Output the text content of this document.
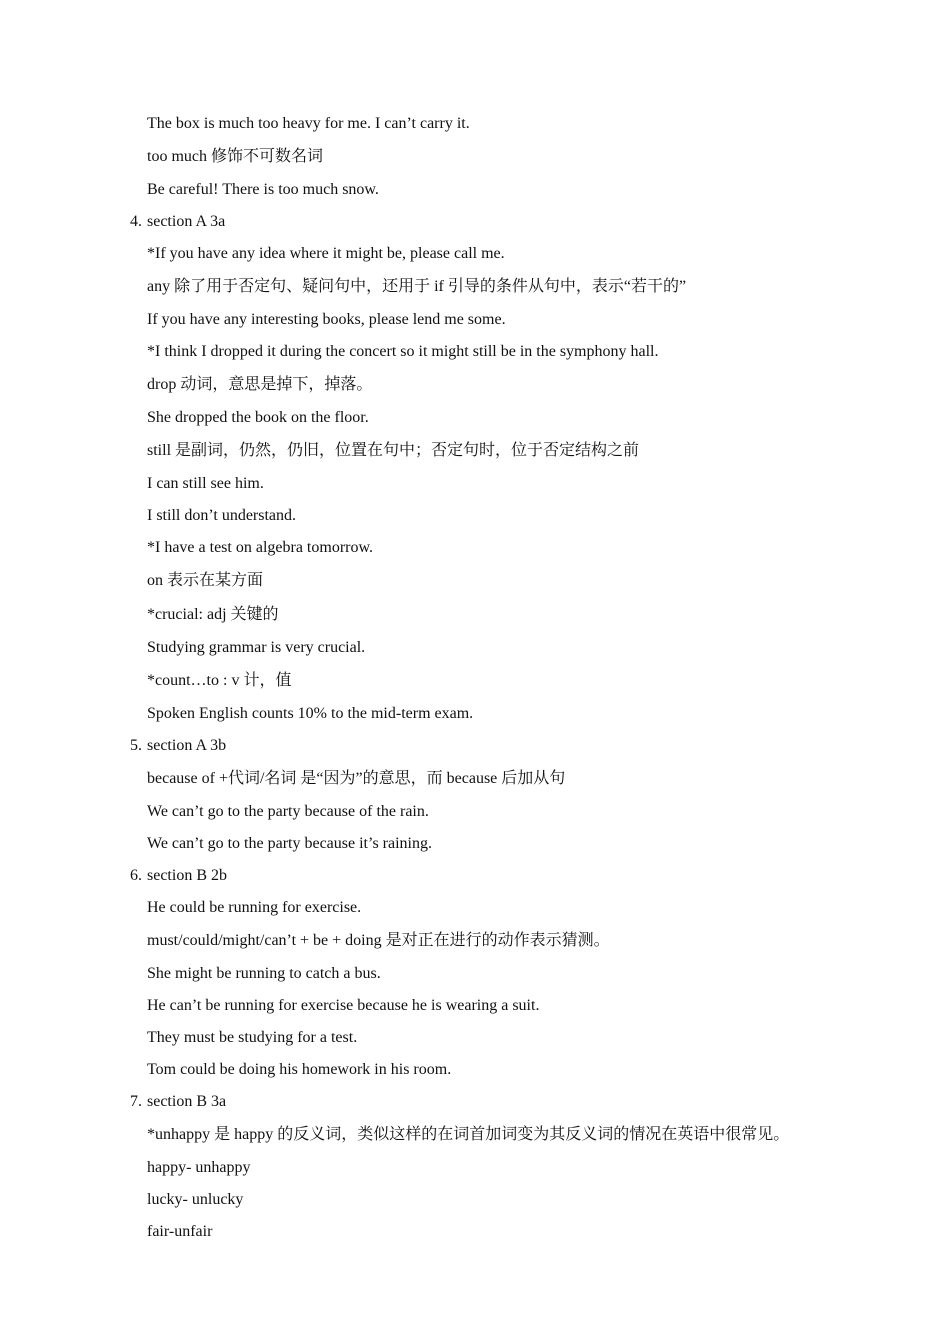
The box is much too heavy for me. I can’t carry it.
too much 修饰不可数名词
Be careful! There is too much snow.
4. section A 3a
*If you have any idea where it might be, please call me.
any 除了用于否定句、疑问句中，还用于 if 引导的条件从句中，表示“若干的”
If you have any interesting books, please lend me some.
*I think I dropped it during the concert so it might still be in the symphony hall.
drop 动词，意思是掉下，掉落。
She dropped the book on the floor.
still 是副词，仍然，仍旧，位置在句中；否定句时，位于否定结构之前
I can still see him.
I still don’t understand.
*I have a test on algebra tomorrow.
on 表示在某方面
*crucial: adj 关键的
Studying grammar is very crucial.
*count…to : v 计，值
Spoken English counts 10% to the mid-term exam.
5. section A 3b
because of +代词/名词 是“因为”的意思，而 because 后加从句
We can’t go to the party because of the rain.
We can’t go to the party because it’s raining.
6. section B 2b
He could be running for exercise.
must/could/might/can’t + be + doing 是对正在进行的动作表示猜测。
She might be running to catch a bus.
He can’t be running for exercise because he is wearing a suit.
They must be studying for a test.
Tom could be doing his homework in his room.
7. section B 3a
*unhappy 是 happy 的反义词，类似这样的在词首加词变为其反义词的情况在英语中很常见。
happy- unhappy
lucky- unlucky
fair-unfair
